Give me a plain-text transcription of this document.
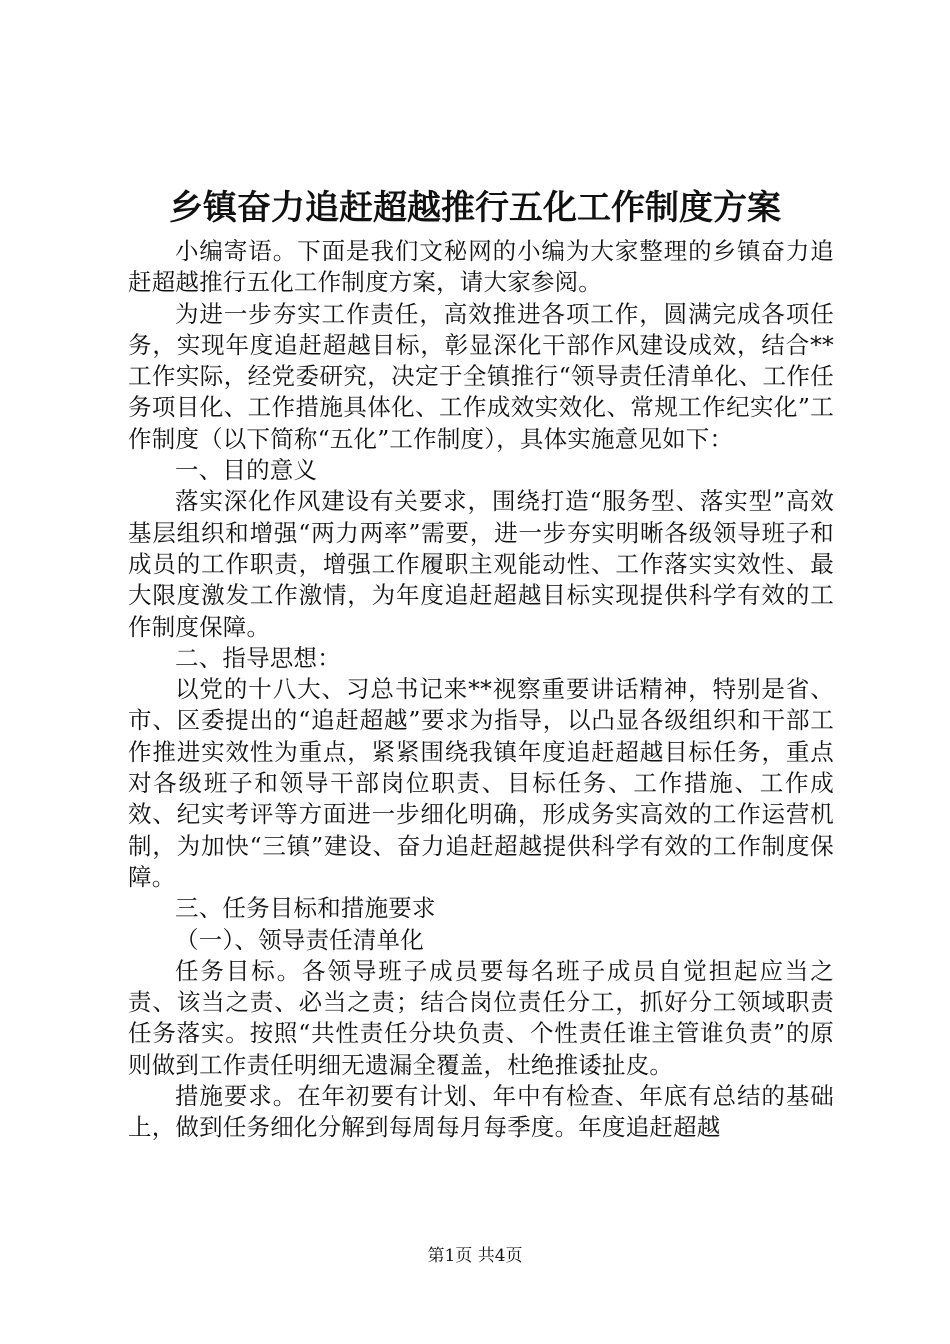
乡镇奋力追赶超越推行五化工作制度方案

小编寄语。下面是我们文秘网的小编为大家整理的乡镇奋力追赶超越推行五化工作制度方案，请大家参阅。

为进一步夯实工作责任，高效推进各项工作，圆满完成各项任务，实现年度追赶超越目标，彰显深化干部作风建设成效，结合**工作实际，经党委研究，决定于全镇推行“领导责任清单化、工作任务项目化、工作措施具体化、工作成效实效化、常规工作纪实化”工作制度（以下简称“五化”工作制度），具体实施意见如下：

一、目的意义

落实深化作风建设有关要求，围绕打造“服务型、落实型”高效基层组织和增强“两力两率”需要，进一步夯实明晰各级领导班子和成员的工作职责，增强工作履职主观能动性、工作落实实效性、最大限度激发工作激情，为年度追赶超越目标实现提供科学有效的工作制度保障。

二、指导思想：

以党的十八大、习总书记来**视察重要讲话精神，特别是省、市、区委提出的“追赶超越”要求为指导，以凸显各级组织和干部工作推进实效性为重点，紧紧围绕我镇年度追赶超越目标任务，重点对各级班子和领导干部岗位职责、目标任务、工作措施、工作成效、纪实考评等方面进一步细化明确，形成务实高效的工作运营机制，为加快“三镇”建设、奋力追赶超越提供科学有效的工作制度保障。

三、任务目标和措施要求

（一）、领导责任清单化

任务目标。各领导班子成员要每名班子成员自觉担起应当之责、该当之责、必当之责；结合岗位责任分工，抓好分工领域职责任务落实。按照“共性责任分块负责、个性责任谁主管谁负责”的原则做到工作责任明细无遗漏全覆盖，杜绝推诿扯皮。

措施要求。在年初要有计划、年中有检查、年底有总结的基础上，做到任务细化分解到每周每月每季度。年度追赶超越

第1页 共4页
